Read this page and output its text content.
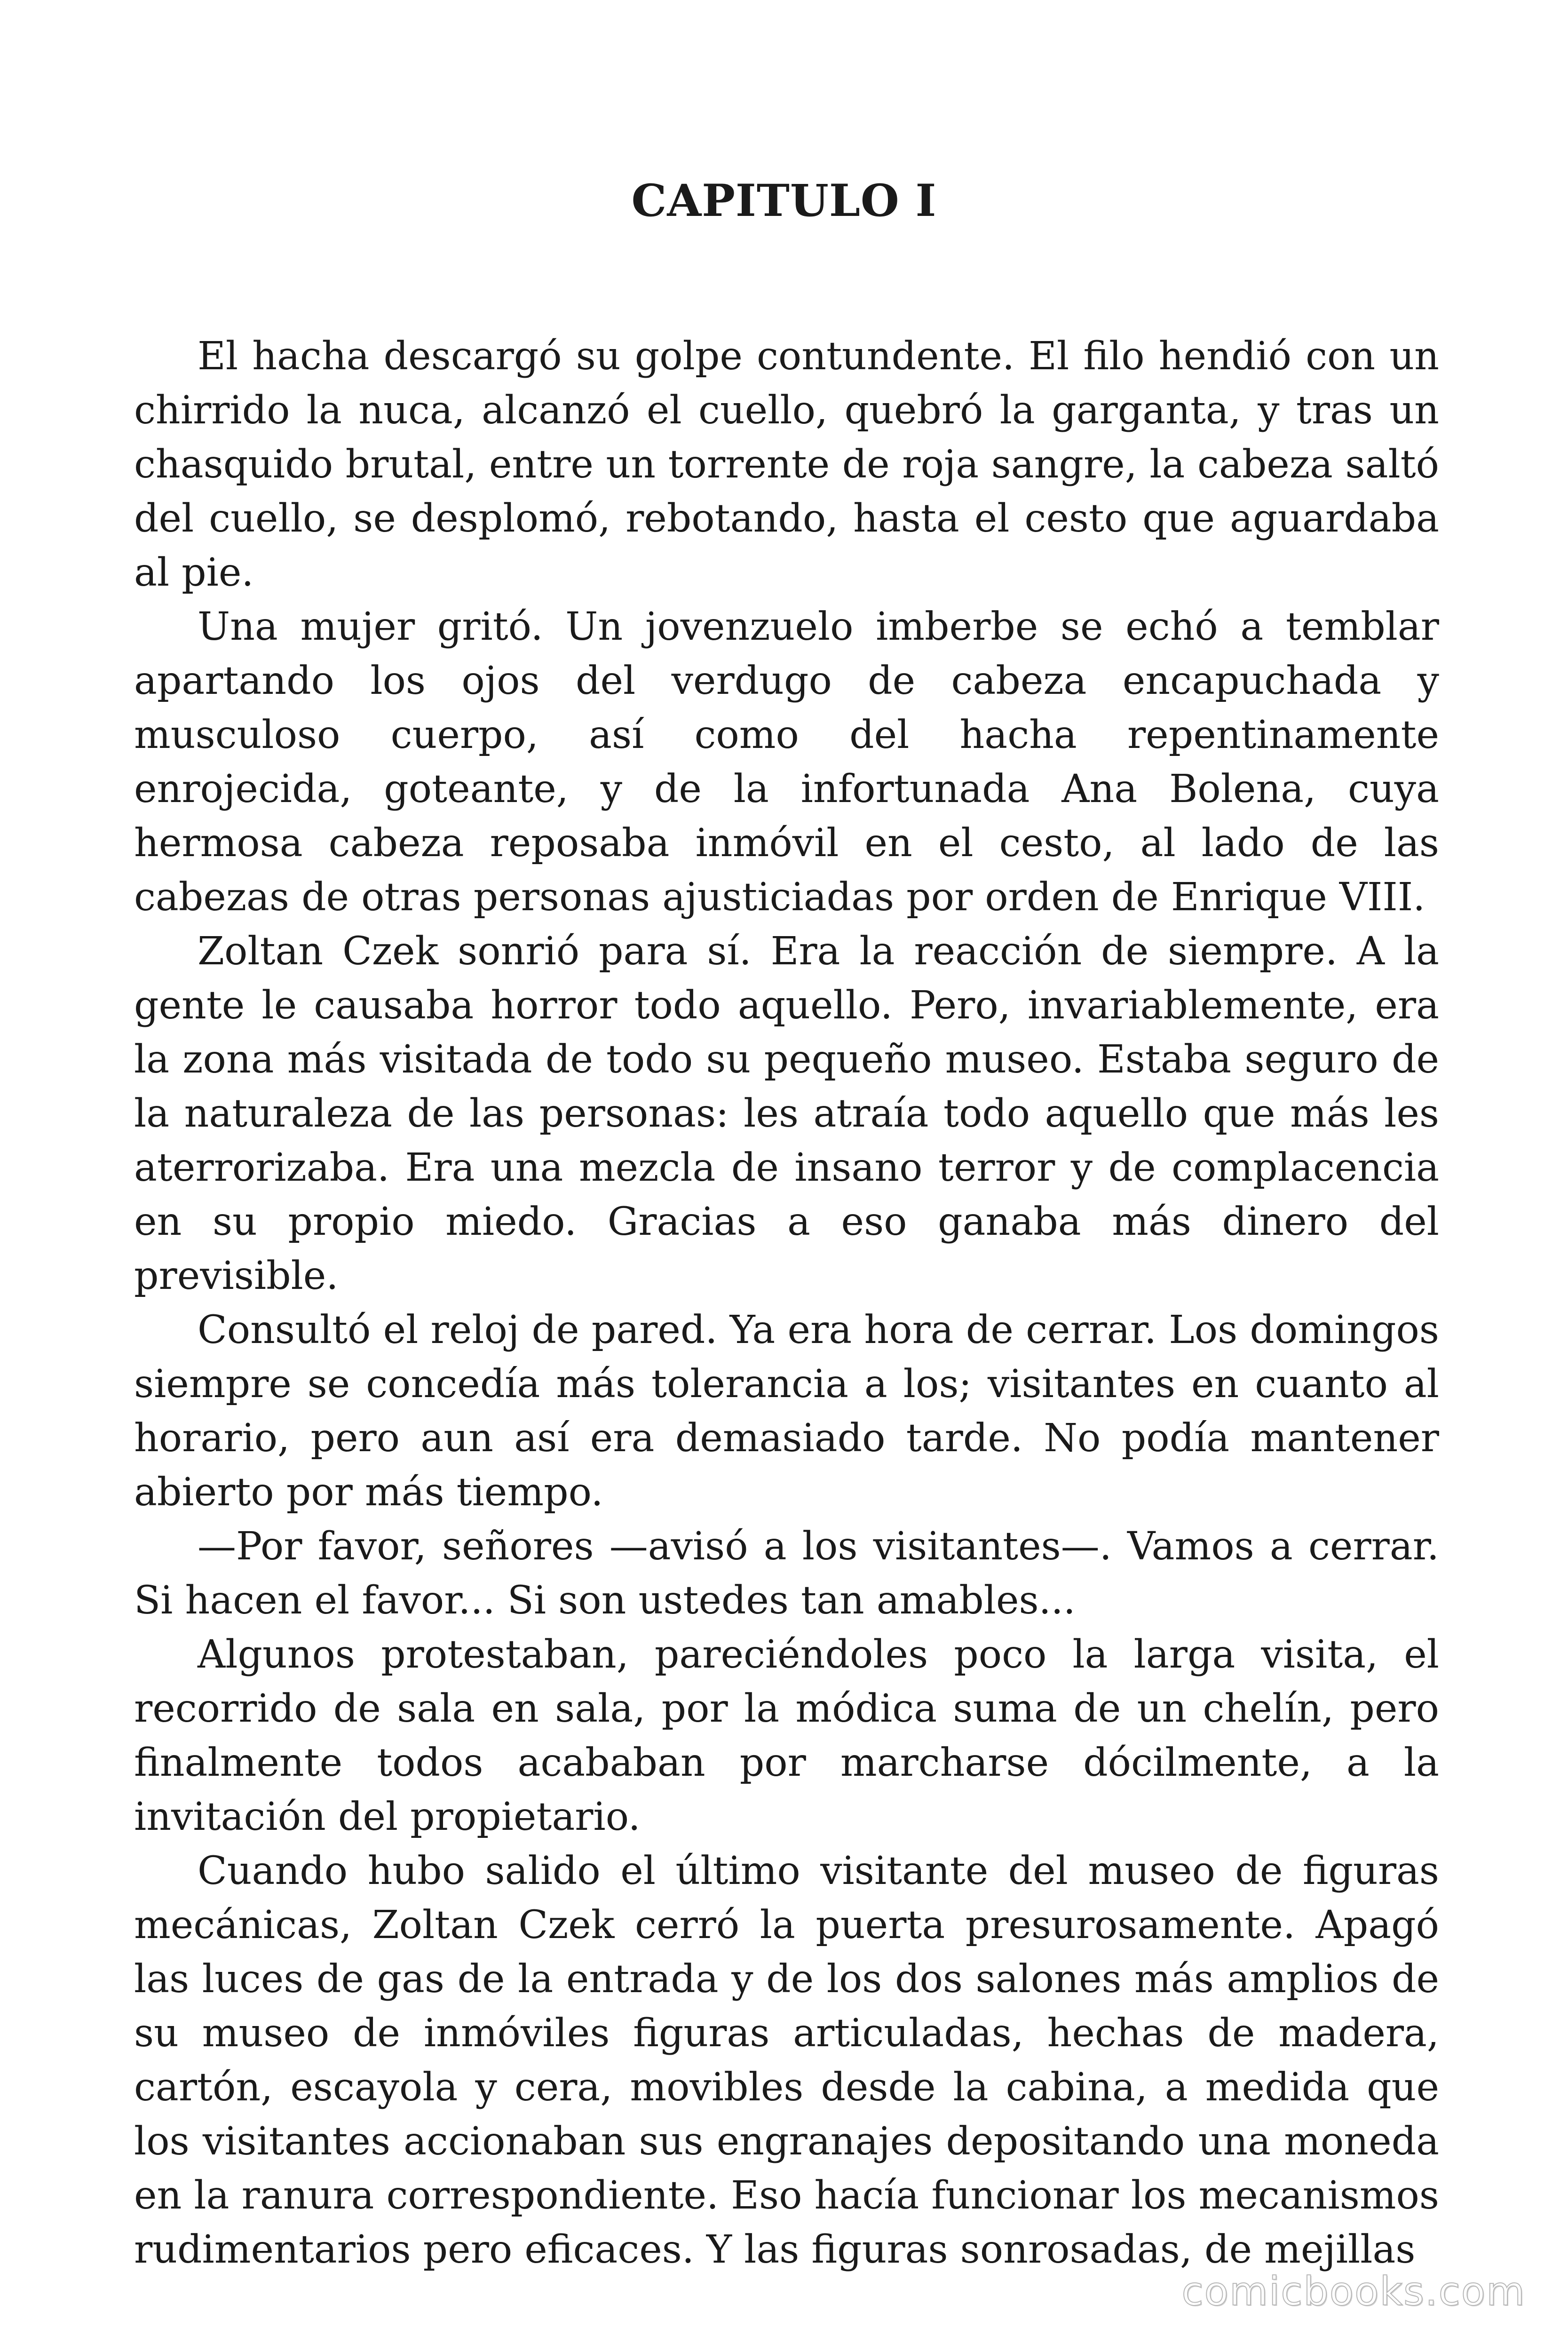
CAPITULO I

El hacha descargó su golpe contundente. El filo hendió con un chirrido la nuca, alcanzó el cuello, quebró la garganta, y tras un chasquido brutal, entre un torrente de roja sangre, la cabeza saltó del cuello, se desplomó, rebotando, hasta el cesto que aguardaba al pie.

Una mujer gritó. Un jovenzuelo imberbe se echó a temblar apartando los ojos del verdugo de cabeza encapuchada y musculoso cuerpo, así como del hacha repentinamente enrojecida, goteante, y de la infortunada Ana Bolena, cuya hermosa cabeza reposaba inmóvil en el cesto, al lado de las cabezas de otras personas ajusticiadas por orden de Enrique VIII.

Zoltan Czek sonrió para sí. Era la reacción de siempre. A la gente le causaba horror todo aquello. Pero, invariablemente, era la zona más visitada de todo su pequeño museo. Estaba seguro de la naturaleza de las personas: les atraía todo aquello que más les aterrorizaba. Era una mezcla de insano terror y de complacencia en su propio miedo. Gracias a eso ganaba más dinero del previsible.

Consultó el reloj de pared. Ya era hora de cerrar. Los domingos siempre se concedía más tolerancia a los; visitantes en cuanto al horario, pero aun así era demasiado tarde. No podía mantener abierto por más tiempo.

—Por favor, señores —avisó a los visitantes—. Vamos a cerrar. Si hacen el favor... Si son ustedes tan amables...

Algunos protestaban, pareciéndoles poco la larga visita, el recorrido de sala en sala, por la módica suma de un chelín, pero finalmente todos acababan por marcharse dócilmente, a la invitación del propietario.

Cuando hubo salido el último visitante del museo de figuras mecánicas, Zoltan Czek cerró la puerta presurosamente. Apagó las luces de gas de la entrada y de los dos salones más amplios de su museo de inmóviles figuras articuladas, hechas de madera, cartón, escayola y cera, movibles desde la cabina, a medida que los visitantes accionaban sus engranajes depositando una moneda en la ranura correspondiente. Eso hacía funcionar los mecanismos rudimentarios pero eficaces. Y las figuras sonrosadas, de mejillas

comicbooks.com
